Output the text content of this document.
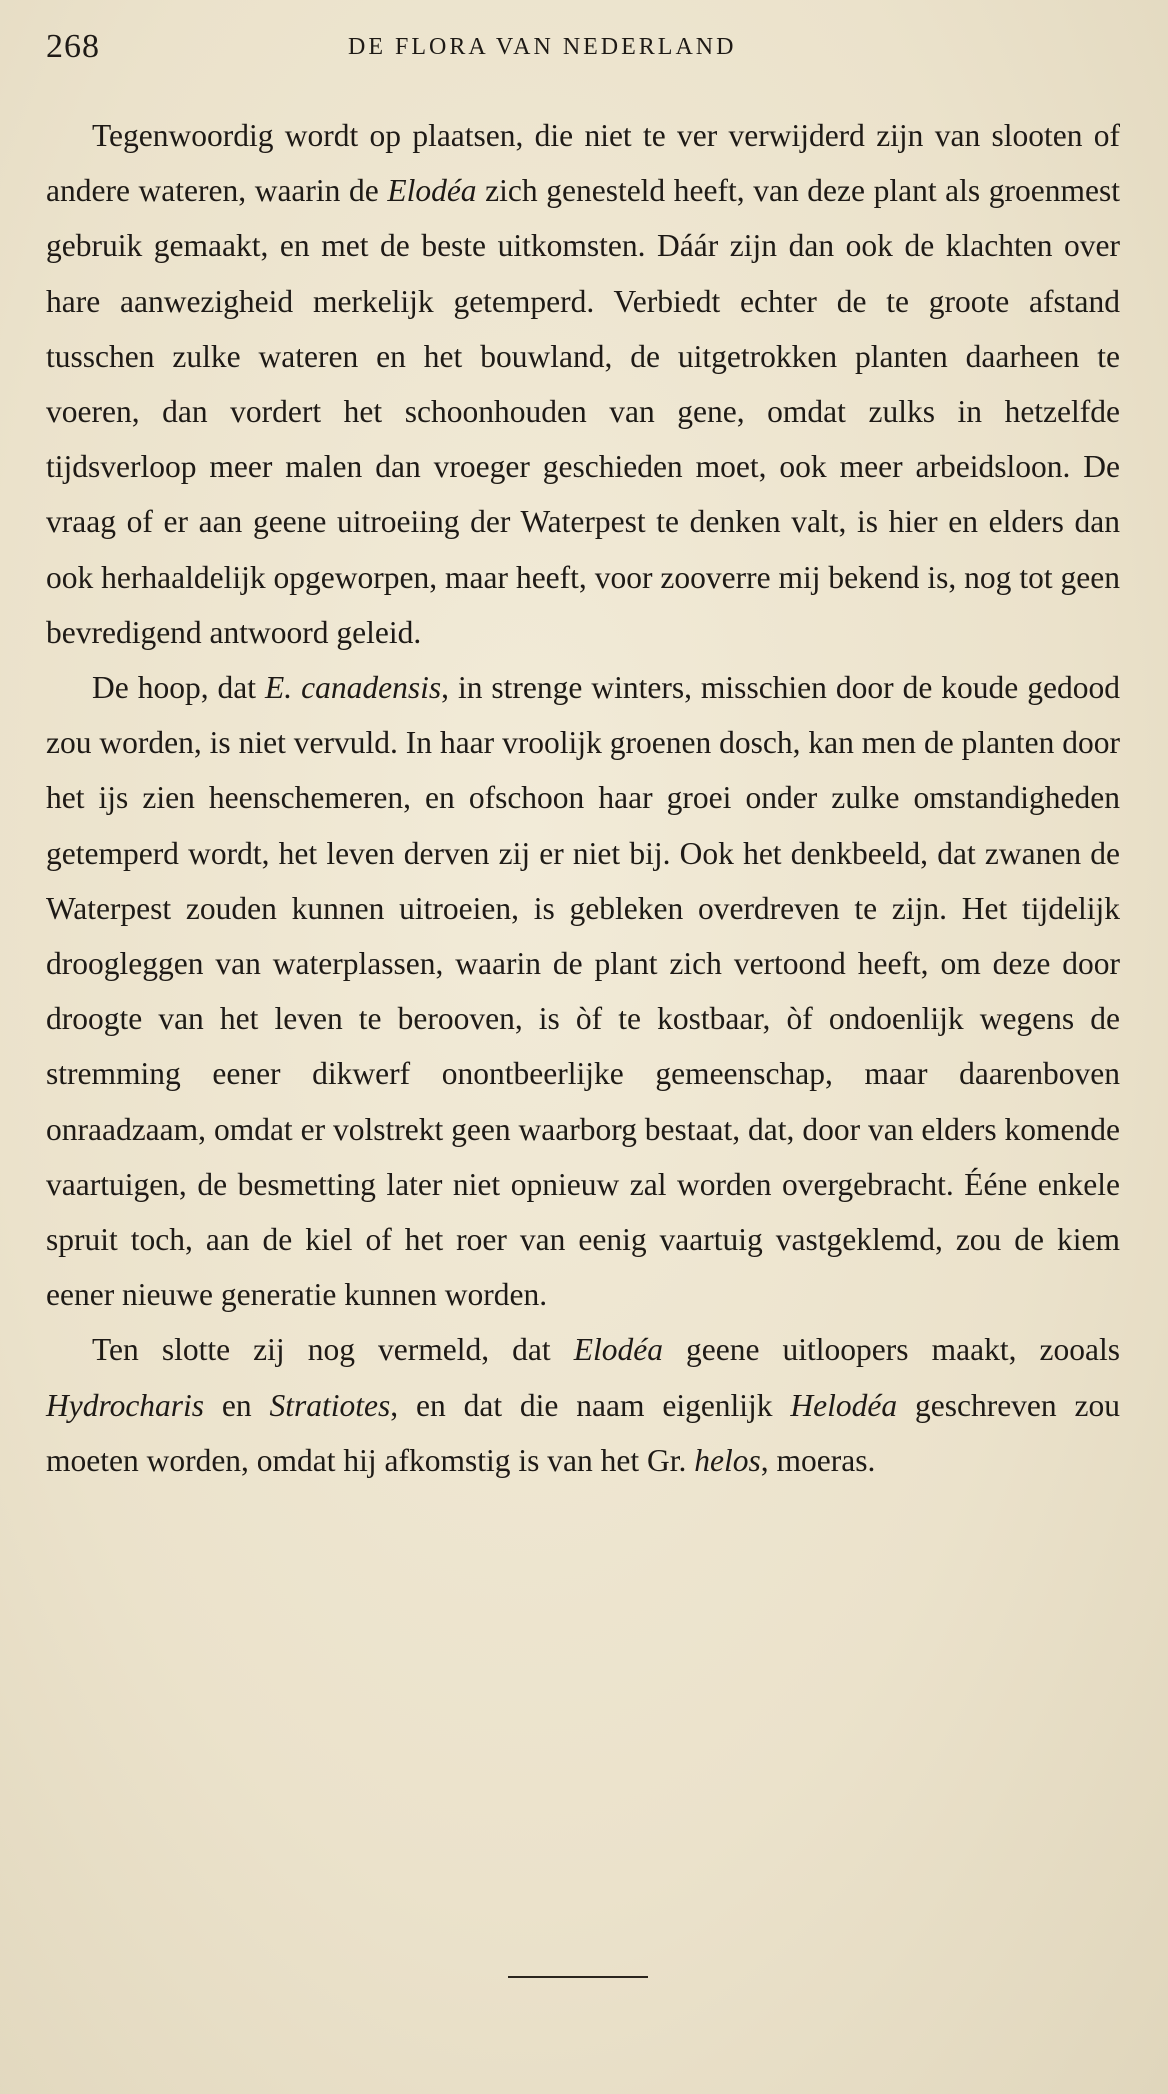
268	DE FLORA VAN NEDERLAND

Tegenwoordig wordt op plaatsen, die niet te ver verwijderd zijn van slooten of andere wateren, waarin de Elodéa zich genesteld heeft, van deze plant als groenmest gebruik gemaakt, en met de beste uitkomsten. Dáár zijn dan ook de klachten over hare aanwezigheid merkelijk getemperd. Verbiedt echter de te groote afstand tusschen zulke wateren en het bouwland, de uitgetrokken planten daarheen te voeren, dan vordert het schoonhouden van gene, omdat zulks in hetzelfde tijdsverloop meer malen dan vroeger geschieden moet, ook meer arbeidsloon. De vraag of er aan geene uitroeiing der Waterpest te denken valt, is hier en elders dan ook herhaaldelijk opgeworpen, maar heeft, voor zooverre mij bekend is, nog tot geen bevredigend antwoord geleid.

De hoop, dat E. canadensis, in strenge winters, misschien door de koude gedood zou worden, is niet vervuld. In haar vroolijk groenen dosch, kan men de planten door het ijs zien heenschemeren, en ofschoon haar groei onder zulke omstandigheden getemperd wordt, het leven derven zij er niet bij. Ook het denkbeeld, dat zwanen de Waterpest zouden kunnen uitroeien, is gebleken overdreven te zijn. Het tijdelijk droogleggen van waterplassen, waarin de plant zich vertoond heeft, om deze door droogte van het leven te berooven, is òf te kostbaar, òf ondoenlijk wegens de stremming eener dikwerf onontbeerlijke gemeenschap, maar daarenboven onraadzaam, omdat er volstrekt geen waarborg bestaat, dat, door van elders komende vaartuigen, de besmetting later niet opnieuw zal worden overgebracht. Ééne enkele spruit toch, aan de kiel of het roer van eenig vaartuig vastgeklemd, zou de kiem eener nieuwe generatie kunnen worden.

Ten slotte zij nog vermeld, dat Elodéa geene uitloopers maakt, zooals Hydrocharis en Stratiotes, en dat die naam eigenlijk Helodéa geschreven zou moeten worden, omdat hij afkomstig is van het Gr. helos, moeras.
